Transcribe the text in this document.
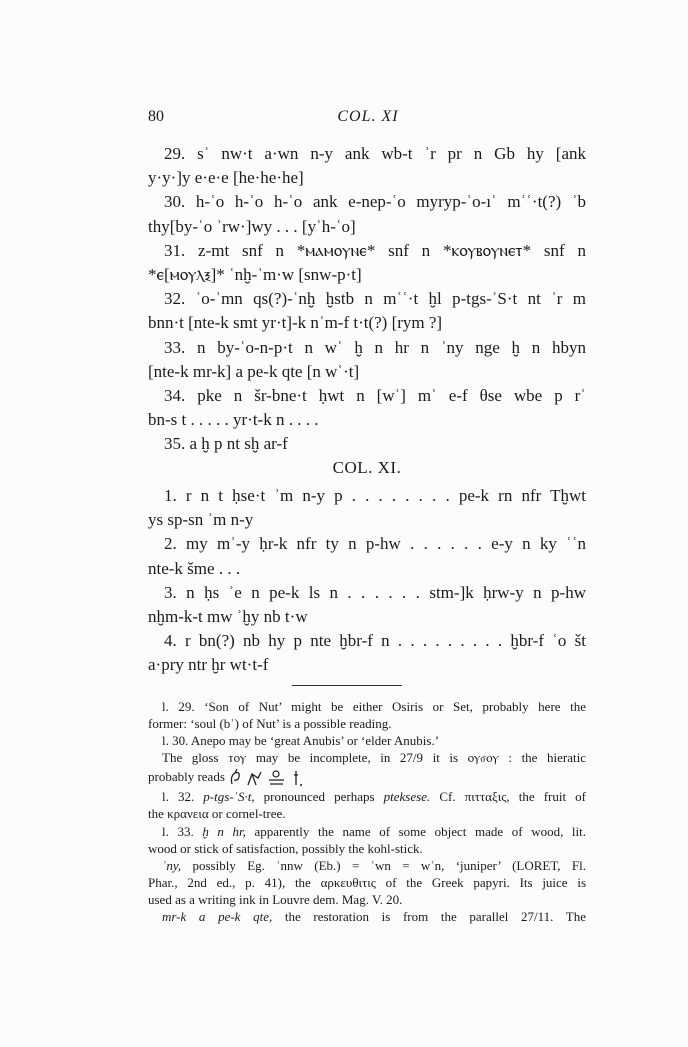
80	COL. XI
29. sʾ nw·t a·wn n-y ank wb-t ʾr pr n Gb hy [ank
y·y·]y e·e·e [he·he·he]
30. h-ʿo h-ʿo h-ʿo ank e-nep-ʿo myryp-ʿo-ıʿ mʿʿ·t(?) ʾb
thy[by-ʿo ʾrw·]wy . . . [yʿh-ʿo]
31. z-mt snf n *ⲙⲁⲙⲟⲩⲛⲉ* snf n *ⲕⲟⲩⲃⲟⲩⲛⲉⲧ* snf n
*ⲉ[ⲙⲟⲩⲗⲝ]* ʿnḫ-ʾm·w [snw-p·t]
32. ʿo-ʾmn qs(?)-ʿnḫ ḫstb n mʿʿ·t ḫl p-tgs-ʾS·t nt ʾr m
bnn·t [nte-k smt yr·t]-k nʾm-f t·t(?) [rym ?]
33. n by-ʿo-n-p·t n wʿ ḫ n hr n ʾny nge ḫ n hbyn
[nte-k mr-k] a pe-k qte [n wʿ·t]
34. pke n šr-bne·t ḥwt n [wʿ] mʿ e-f θse wbe p rʿ
bn-s t . . . . . yr·t-k n . . . .
35. a ḫ p nt sḫ ar-f
COL. XI.
1. r n t ḥse·t ʾm n-y p . . . . . . . . pe-k rn nfr Tḫwt
ys sp-sn ʾm n-y
2. my mʾ-y ḥr-k nfr ty n p-hw . . . . . . e-y n ky ʿʿn
nte-k šme . . .
3. n ḥs ʾe n pe-k ls n . . . . . . stm-]k ḥrw-y n p-hw
nḫm-k-t mw ʾḫy nb t·w
4. r bn(?) nb hy p nte ḫbr-f n . . . . . . . . . ḫbr-f ʿo št
a·pry ntr ḫr wt·t-f
l. 29. ‘Son of Nut’ might be either Osiris or Set, probably here the
former: ‘soul (bʾ) of Nut’ is a possible reading.
l. 30. Anepo may be ‘great Anubis’ or ‘elder Anubis.’
The gloss ⲧⲟⲩ may be incomplete, in 27/9 it is ⲟⲩⳝⲟⲩ : the hieratic
probably reads
l. 32. p-tgs-ʾS·t, pronounced perhaps pteksese. Cf. πιτταξις, the fruit of
the κρανεια or cornel-tree.
l. 33. ḫ n hr, apparently the name of some object made of wood, lit.
wood or stick of satisfaction, possibly the kohl-stick.
ʾny, possibly Eg. ʿnnw (Eb.) = ʿwn = wʿn, ‘juniper’ (LORET, Fl.
Phar., 2nd ed., p. 41), the αρκευθιτις of the Greek papyri. Its juice is
used as a writing ink in Louvre dem. Mag. V. 20.
mr-k a pe-k qte, the restoration is from the parallel 27/11. The
